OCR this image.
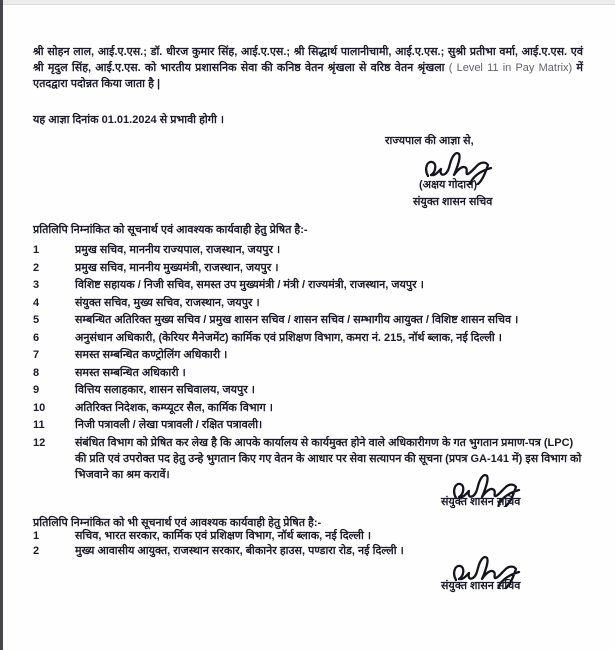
श्री सोहन लाल, आई.ए.एस.; डॉ. धीरज कुमार सिंह, आई.ए.एस.; श्री सिद्धार्थ पालानीचामी, आई.ए.एस.; सुश्री प्रतीभा वर्मा, आई.ए.एस. एवं श्री मृदुल सिंह, आई.ए.एस. को भारतीय प्रशासनिक सेवा की कनिष्ठ वेतन श्रृंखला से वरिष्ठ वेतन श्रृंखला ( Level 11 in Pay Matrix) में एतदद्वारा पदोन्नत किया जाता है |
यह आज्ञा दिनांक 01.01.2024 से प्रभावी होगी ।
राज्यपाल की आज्ञा से,
(अक्षय गोदारा)
संयुक्त शासन सचिव
प्रतिलिपि निम्नांकित को सूचनार्थ एवं आवश्यक कार्यवाही हेतु प्रेषित है:-
1	प्रमुख सचिव, माननीय राज्यपाल, राजस्थान, जयपुर ।
2	प्रमुख सचिव, माननीय मुख्यमंत्री, राजस्थान, जयपुर ।
3	विशिष्ट सहायक / निजी सचिव, समस्त उप मुख्यमंत्री / मंत्री / राज्यमंत्री, राजस्थान, जयपुर ।
4	संयुक्त सचिव, मुख्य सचिव, राजस्थान, जयपुर ।
5	सम्बन्धित अतिरिक्त मुख्य सचिव / प्रमुख शासन सचिव / शासन सचिव / सम्भागीय आयुक्त / विशिष्ट शासन सचिव ।
6	अनुसंधान अधिकारी, (केरियर मैनेजमेंट) कार्मिक एवं प्रशिक्षण विभाग, कमरा नं. 215, नॉर्थ ब्लाक, नई दिल्ली ।
7	समस्त सम्बन्धित कण्ट्रोलिंग अधिकारी ।
8	समस्त सम्बन्धित अधिकारी ।
9	वित्तिय सलाहकार, शासन सचिवालय, जयपुर ।
10	अतिरिक्त निदेशक, कम्प्यूटर सैल, कार्मिक विभाग ।
11	निजी पत्रावली / लेखा पत्रावली / रक्षित पत्रावली।
12	संबंधित विभाग को प्रेषित कर लेख है कि आपके कार्यालय से कार्यमुक्त होने वाले अधिकारीगण के गत भुगतान प्रमाण-पत्र (LPC) की प्रति एवं उपरोक्त पद हेतु उन्हे भुगतान किए गए वेतन के आधार पर सेवा सत्यापन की सूचना (प्रपत्र GA-141 में) इस विभाग को भिजवाने का श्रम करावें।
संयुक्त शासन सचिव
प्रतिलिपि निम्नांकित को भी सूचनार्थ एवं आवश्यक कार्यवाही हेतु प्रेषित है:-
1	सचिव, भारत सरकार, कार्मिक एवं प्रशिक्षण विभाग, नॉर्थ ब्लाक, नई दिल्ली ।
2	मुख्य आवासीय आयुक्त, राजस्थान सरकार, बीकानेर हाउस, पण्डारा रोड, नई दिल्ली ।
संयुक्त शासन सचिव
